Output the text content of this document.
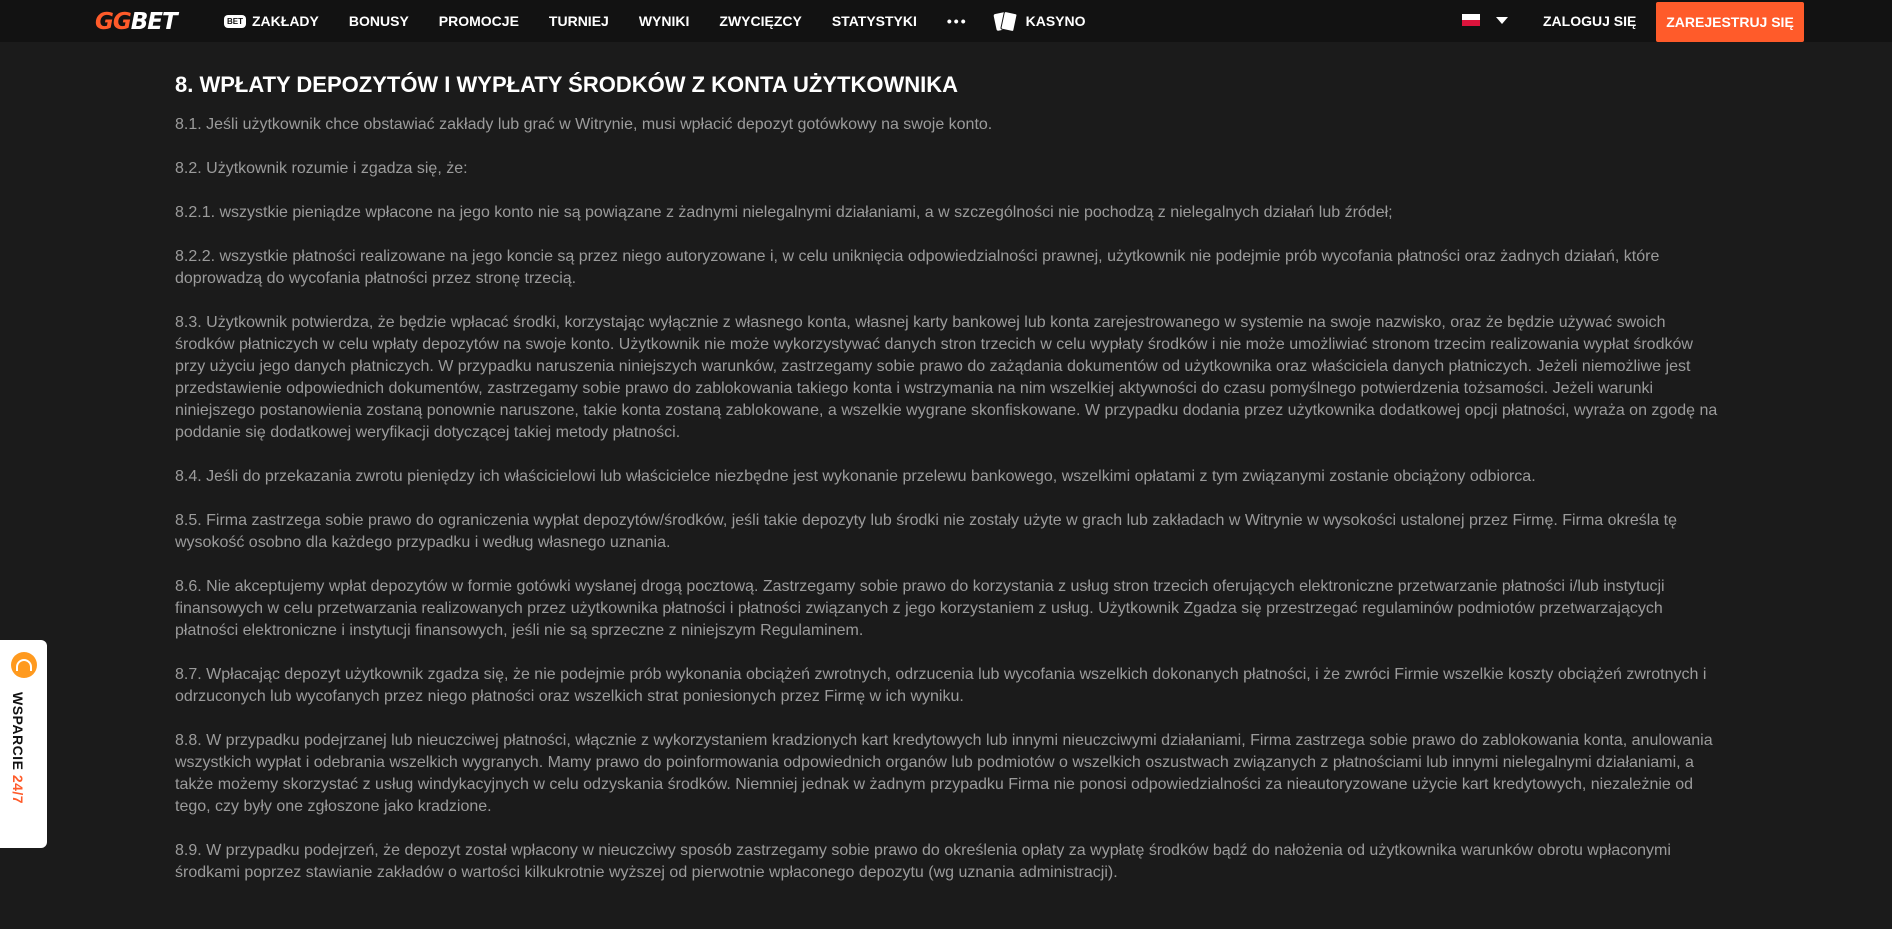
GGBET	BET ZAKŁADY BONUSY PROMOCJE TURNIEJ WYNIKI ZWYCIĘZCY STATYSTYKI •••	KASYNO	ZALOGUJ SIĘ	ZAREJESTRUJ SIĘ
8. WPŁATY DEPOZYTÓW I WYPŁATY ŚRODKÓW Z KONTA UŻYTKOWNIKA

8.1. Jeśli użytkownik chce obstawiać zakłady lub grać w Witrynie, musi wpłacić depozyt gotówkowy na swoje konto.

8.2. Użytkownik rozumie i zgadza się, że:

8.2.1. wszystkie pieniądze wpłacone na jego konto nie są powiązane z żadnymi nielegalnymi działaniami, a w szczególności nie pochodzą z nielegalnych działań lub źródeł;

8.2.2. wszystkie płatności realizowane na jego koncie są przez niego autoryzowane i, w celu uniknięcia odpowiedzialności prawnej, użytkownik nie podejmie prób wycofania płatności oraz żadnych działań, które doprowadzą do wycofania płatności przez stronę trzecią.

8.3. Użytkownik potwierdza, że będzie wpłacać środki, korzystając wyłącznie z własnego konta, własnej karty bankowej lub konta zarejestrowanego w systemie na swoje nazwisko, oraz że będzie używać swoich środków płatniczych w celu wpłaty depozytów na swoje konto. Użytkownik nie może wykorzystywać danych stron trzecich w celu wypłaty środków i nie może umożliwiać stronom trzecim realizowania wypłat środków przy użyciu jego danych płatniczych. W przypadku naruszenia niniejszych warunków, zastrzegamy sobie prawo do zażądania dokumentów od użytkownika oraz właściciela danych płatniczych. Jeżeli niemożliwe jest przedstawienie odpowiednich dokumentów, zastrzegamy sobie prawo do zablokowania takiego konta i wstrzymania na nim wszelkiej aktywności do czasu pomyślnego potwierdzenia tożsamości. Jeżeli warunki niniejszego postanowienia zostaną ponownie naruszone, takie konta zostaną zablokowane, a wszelkie wygrane skonfiskowane. W przypadku dodania przez użytkownika dodatkowej opcji płatności, wyraża on zgodę na poddanie się dodatkowej weryfikacji dotyczącej takiej metody płatności.

8.4. Jeśli do przekazania zwrotu pieniędzy ich właścicielowi lub właścicielce niezbędne jest wykonanie przelewu bankowego, wszelkimi opłatami z tym związanymi zostanie obciążony odbiorca.

8.5. Firma zastrzega sobie prawo do ograniczenia wypłat depozytów/środków, jeśli takie depozyty lub środki nie zostały użyte w grach lub zakładach w Witrynie w wysokości ustalonej przez Firmę. Firma określa tę wysokość osobno dla każdego przypadku i według własnego uznania.

8.6. Nie akceptujemy wpłat depozytów w formie gotówki wysłanej drogą pocztową. Zastrzegamy sobie prawo do korzystania z usług stron trzecich oferujących elektroniczne przetwarzanie płatności i/lub instytucji finansowych w celu przetwarzania realizowanych przez użytkownika płatności i płatności związanych z jego korzystaniem z usług. Użytkownik Zgadza się przestrzegać regulaminów podmiotów przetwarzających płatności elektroniczne i instytucji finansowych, jeśli nie są sprzeczne z niniejszym Regulaminem.

8.7. Wpłacając depozyt użytkownik zgadza się, że nie podejmie prób wykonania obciążeń zwrotnych, odrzucenia lub wycofania wszelkich dokonanych płatności, i że zwróci Firmie wszelkie koszty obciążeń zwrotnych i odrzuconych lub wycofanych przez niego płatności oraz wszelkich strat poniesionych przez Firmę w ich wyniku.

8.8. W przypadku podejrzanej lub nieuczciwej płatności, włącznie z wykorzystaniem kradzionych kart kredytowych lub innymi nieuczciwymi działaniami, Firma zastrzega sobie prawo do zablokowania konta, anulowania wszystkich wypłat i odebrania wszelkich wygranych. Mamy prawo do poinformowania odpowiednich organów lub podmiotów o wszelkich oszustwach związanych z płatnościami lub innymi nielegalnymi działaniami, a także możemy skorzystać z usług windykacyjnych w celu odzyskania środków. Niemniej jednak w żadnym przypadku Firma nie ponosi odpowiedzialności za nieautoryzowane użycie kart kredytowych, niezależnie od tego, czy były one zgłoszone jako kradzione.

8.9. W przypadku podejrzeń, że depozyt został wpłacony w nieuczciwy sposób zastrzegamy sobie prawo do określenia opłaty za wypłatę środków bądź do nałożenia od użytkownika warunków obrotu wpłaconymi środkami poprzez stawianie zakładów o wartości kilkukrotnie wyższej od pierwotnie wpłaconego depozytu (wg uznania administracji).

WSPARCIE 24/7
